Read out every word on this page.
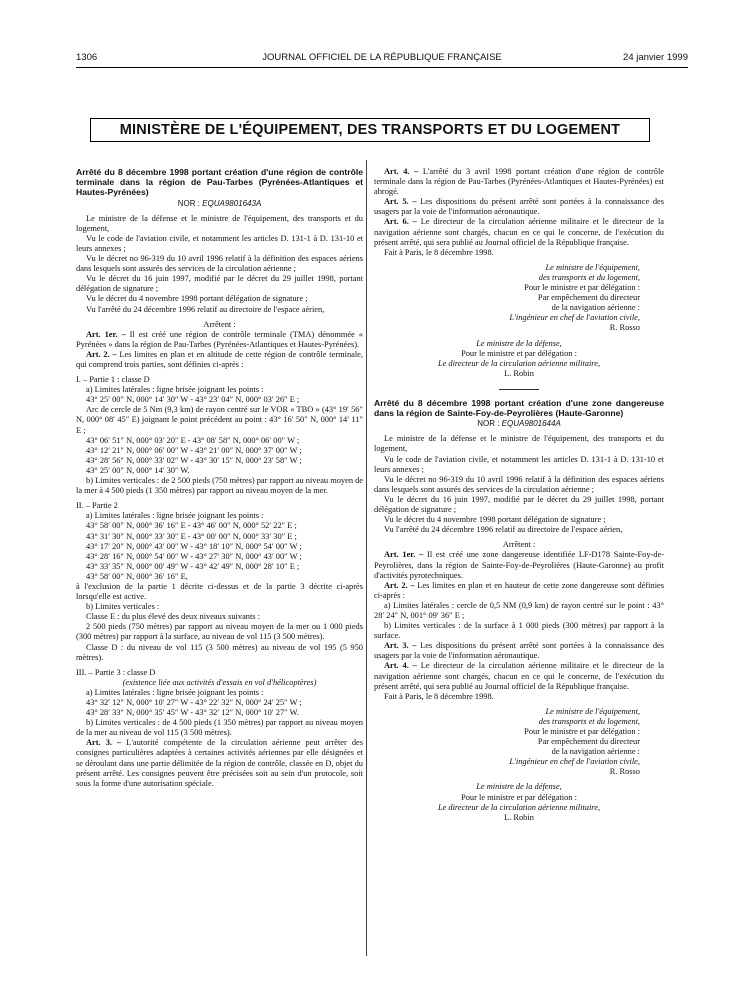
1306	JOURNAL OFFICIEL DE LA RÉPUBLIQUE FRANÇAISE	24 janvier 1999
MINISTÈRE DE L'ÉQUIPEMENT, DES TRANSPORTS ET DU LOGEMENT
Arrêté du 8 décembre 1998 portant création d'une région de contrôle terminale dans la région de Pau-Tarbes (Pyrénées-Atlantiques et Hautes-Pyrénées)
NOR : EQUA9801643A

Le ministre de la défense et le ministre de l'équipement, des transports et du logement,

Vu le code de l'aviation civile, et notamment les articles D. 131-1 à D. 131-10 et leurs annexes ;

Vu le décret no 96-319 du 10 avril 1996 relatif à la définition des espaces aériens dans lesquels sont assurés des services de la circulation aérienne ;

Vu le décret du 16 juin 1997, modifié par le décret du 29 juillet 1998, portant délégation de signature ;

Vu le décret du 4 novembre 1998 portant délégation de signature ;

Vu l'arrêté du 24 décembre 1996 relatif au directoire de l'espace aérien,

Arrêtent :

Art. 1er. – Il est créé une région de contrôle terminale (TMA) dénommée « Pyrénées » dans la région de Pau-Tarbes (Pyrénées-Atlantiques et Hautes-Pyrénées).

Art. 2. – Les limites en plan et en altitude de cette région de contrôle terminale, qui comprend trois parties, sont définies ci-après :

I. – Partie 1 : classe D

a) Limites latérales : ligne brisée joignant les points :

43° 25′ 00″ N, 000° 14′ 30″ W - 43° 23′ 04″ N, 000° 03′ 26″ E ;

Arc de cercle de 5 Nm (9,3 km) de rayon centré sur le VOR « TBO » (43° 19′ 56″ N, 000° 08′ 45″ E) joignant le point précédent au point : 43° 16′ 50″ N, 000° 14′ 11″ E ;

43° 06′ 51″ N, 000° 03′ 20″ E - 43° 08′ 58″ N, 000° 06′ 00″ W ;

43° 12′ 21″ N, 000° 06′ 00″ W - 43° 21′ 00″ N, 000° 37′ 00″ W ;

43° 28′ 56″ N, 000° 33′ 02″ W - 43° 30′ 15″ N, 000° 23′ 58″ W ;

43° 25′ 00″ N, 000° 14′ 30″ W.

b) Limites verticales : de 2 500 pieds (750 mètres) par rapport au niveau moyen de la mer à 4 500 pieds (1 350 mètres) par rapport au niveau moyen de la mer.

II. – Partie 2

a) Limites latérales : ligne brisée joignant les points :

43° 58′ 00″ N, 000° 36′ 16″ E - 43° 46′ 00″ N, 000° 52′ 22″ E ;

43° 31′ 30″ N, 000° 33′ 30″ E - 43° 00′ 00″ N, 000° 33′ 30″ E ;

43° 17′ 20″ N, 000° 43′ 00″ W - 43° 18′ 10″ N, 000° 54′ 00″ W ;

43° 28′ 16″ N, 000° 54′ 00″ W - 43° 27′ 30″ N, 000° 43′ 00″ W ;

43° 33′ 35″ N, 000° 00′ 49″ W - 43° 42′ 49″ N, 000° 28′ 10″ E ;

43° 58′ 00″ N, 000° 36′ 16″ E,

à l'exclusion de la partie 1 décrite ci-dessus et de la partie 3 décrite ci-après lorsqu'elle est active.

b) Limites verticales :

Classe E : du plus élevé des deux niveaux suivants :

2 500 pieds (750 mètres) par rapport au niveau moyen de la mer ou 1 000 pieds (300 mètres) par rapport à la surface, au niveau de vol 115 (3 500 mètres).

Classe D : du niveau de vol 115 (3 500 mètres) au niveau de vol 195 (5 950 mètres).

III. – Partie 3 : classe D

(existence liée aux activités d'essais en vol d'hélicoptères)

a) Limites latérales : ligne brisée joignant les points :

43° 32′ 12″ N, 000° 10′ 27″ W - 43° 22′ 32″ N, 000° 24′ 25″ W ;

43° 28′ 33″ N, 000° 35′ 45″ W - 43° 32′ 12″ N, 000° 10′ 27″ W.

b) Limites verticales : de 4 500 pieds (1 350 mètres) par rapport au niveau moyen de la mer au niveau de vol 115 (3 500 mètres).

Art. 3. – L'autorité compétente de la circulation aérienne peut arrêter des consignes particulières adaptées à certaines activités aériennes par elle désignées et se déroulant dans une partie délimitée de la région de contrôle, classée en D, objet du présent arrêté. Les consignes peuvent être précisées soit au sein d'un protocole, soit sous la forme d'une autorisation spéciale.

Art. 4. – L'arrêté du 3 avril 1998 portant création d'une région de contrôle terminale dans la région de Pau-Tarbes (Pyrénées-Atlantiques et Hautes-Pyrénées) est abrogé.

Art. 5. – Les dispositions du présent arrêté sont portées à la connaissance des usagers par la voie de l'information aéronautique.

Art. 6. – Le directeur de la circulation aérienne militaire et le directeur de la navigation aérienne sont chargés, chacun en ce qui le concerne, de l'exécution du présent arrêté, qui sera publié au Journal officiel de la République française.

Fait à Paris, le 8 décembre 1998.

Le ministre de l'équipement,

des transports et du logement,

Pour le ministre et par délégation :

Par empêchement du directeur

de la navigation aérienne :

L'ingénieur en chef de l'aviation civile,

R. Rosso

Le ministre de la défense,

Pour le ministre et par délégation :

Le directeur de la circulation aérienne militaire,

L. Robin

Arrêté du 8 décembre 1998 portant création d'une zone dangereuse dans la région de Sainte-Foy-de-Peyrolières (Haute-Garonne)
NOR : EQUA9801644A

Le ministre de la défense et le ministre de l'équipement, des transports et du logement,

Vu le code de l'aviation civile, et notamment les articles D. 131-1 à D. 131-10 et leurs annexes ;

Vu le décret no 96-319 du 10 avril 1996 relatif à la définition des espaces aériens dans lesquels sont assurés des services de la circulation aérienne ;

Vu le décret du 16 juin 1997, modifié par le décret du 29 juillet 1998, portant délégation de signature ;

Vu le décret du 4 novembre 1998 portant délégation de signature ;

Vu l'arrêté du 24 décembre 1996 relatif au directoire de l'espace aérien,

Arrêtent :

Art. 1er. – Il est créé une zone dangereuse identifiée LF-D178 Sainte-Foy-de-Peyrolières, dans la région de Sainte-Foy-de-Peyrolières (Haute-Garonne) au profit d'activités pyrotechniques.

Art. 2. – Les limites en plan et en hauteur de cette zone dangereuse sont définies ci-après :

a) Limites latérales : cercle de 0,5 NM (0,9 km) de rayon centré sur le point : 43° 28′ 24″ N, 001° 09′ 36″ E ;

b) Limites verticales : de la surface à 1 000 pieds (300 mètres) par rapport à la surface.

Art. 3. – Les dispositions du présent arrêté sont portées à la connaissance des usagers par la voie de l'information aéronautique.

Art. 4. – Le directeur de la circulation aérienne militaire et le directeur de la navigation aérienne sont chargés, chacun en ce qui le concerne, de l'exécution du présent arrêté, qui sera publié au Journal officiel de la République française.

Fait à Paris, le 8 décembre 1998.

Le ministre de l'équipement,

des transports et du logement,

Pour le ministre et par délégation :

Par empêchement du directeur

de la navigation aérienne :

L'ingénieur en chef de l'aviation civile,

R. Rosso

Le ministre de la défense,

Pour le ministre et par délégation :

Le directeur de la circulation aérienne militaire,

L. Robin
